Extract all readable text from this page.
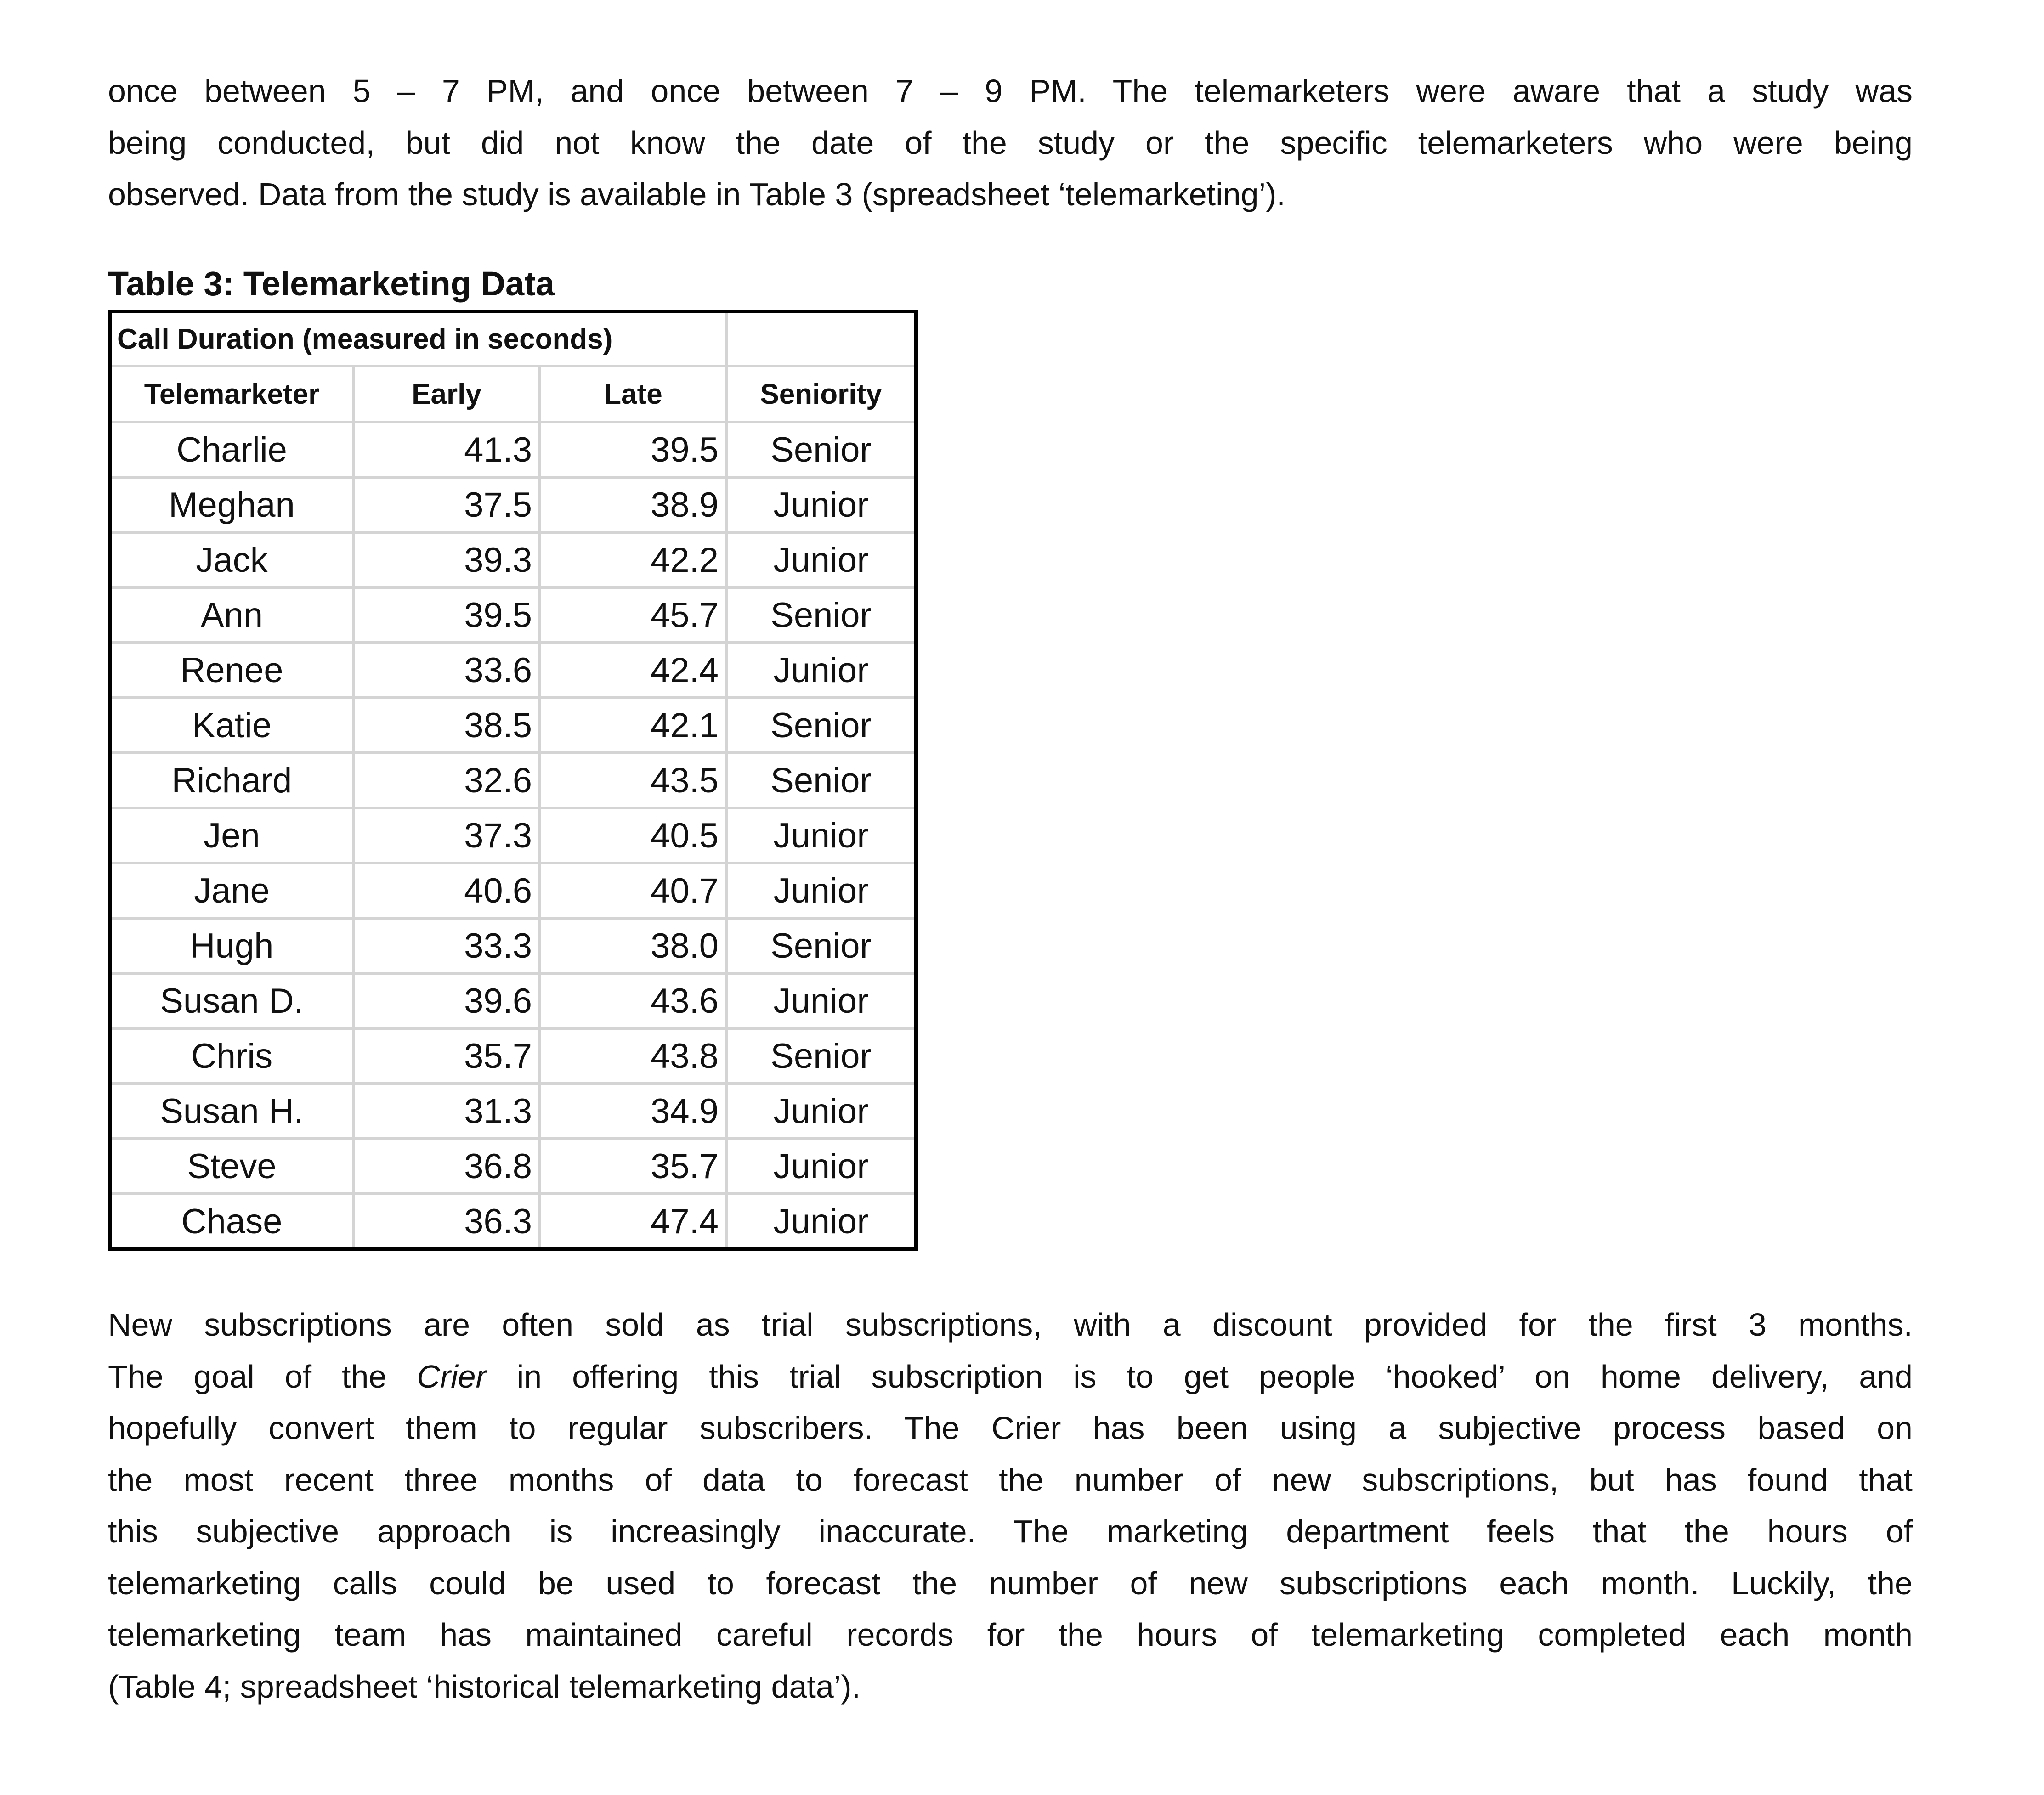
once between 5 – 7 PM, and once between 7 – 9 PM. The telemarketers were aware that a study was
being conducted, but did not know the date of the study or the specific telemarketers who were being
observed. Data from the study is available in Table 3 (spreadsheet ‘telemarketing’).
Table 3: Telemarketing Data
Call Duration (measured in seconds)			
Telemarketer	Early	Late	Seniority
Charlie	41.3	39.5	Senior
Meghan	37.5	38.9	Junior
Jack	39.3	42.2	Junior
Ann	39.5	45.7	Senior
Renee	33.6	42.4	Junior
Katie	38.5	42.1	Senior
Richard	32.6	43.5	Senior
Jen	37.3	40.5	Junior
Jane	40.6	40.7	Junior
Hugh	33.3	38.0	Senior
Susan D.	39.6	43.6	Junior
Chris	35.7	43.8	Senior
Susan H.	31.3	34.9	Junior
Steve	36.8	35.7	Junior
Chase	36.3	47.4	Junior
New subscriptions are often sold as trial subscriptions, with a discount provided for the first 3 months.
The goal of the Crier in offering this trial subscription is to get people ‘hooked’ on home delivery, and
hopefully convert them to regular subscribers. The Crier has been using a subjective process based on
the most recent three months of data to forecast the number of new subscriptions, but has found that
this subjective approach is increasingly inaccurate. The marketing department feels that the hours of
telemarketing calls could be used to forecast the number of new subscriptions each month. Luckily, the
telemarketing team has maintained careful records for the hours of telemarketing completed each month
(Table 4; spreadsheet ‘historical telemarketing data’).
